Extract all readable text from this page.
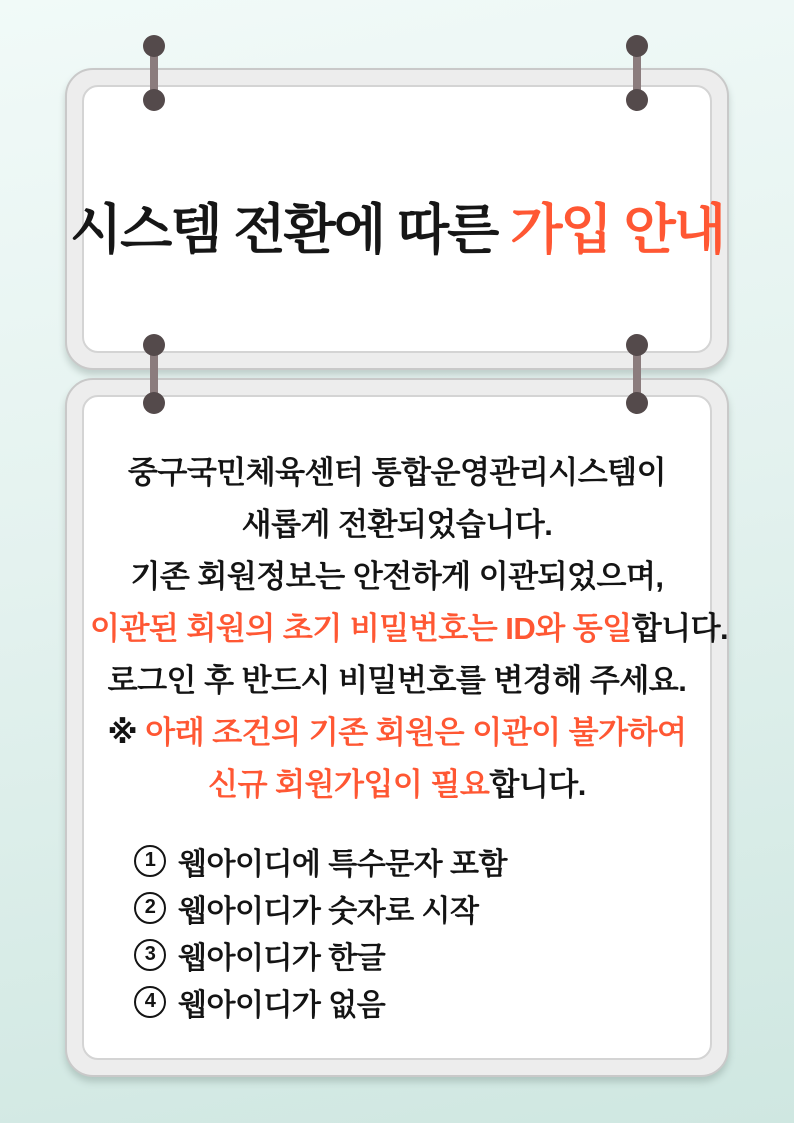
시스템 전환에 따른 가입 안내

중구국민체육센터 통합운영관리시스템이

새롭게 전환되었습니다.

기존 회원정보는 안전하게 이관되었으며,

이관된 회원의 초기 비밀번호는 ID와 동일합니다.

로그인 후 반드시 비밀번호를 변경해 주세요.

※ 아래 조건의 기존 회원은 이관이 불가하여

신규 회원가입이 필요합니다.

1 웹아이디에 특수문자 포함
2 웹아이디가 숫자로 시작
3 웹아이디가 한글
4 웹아이디가 없음
